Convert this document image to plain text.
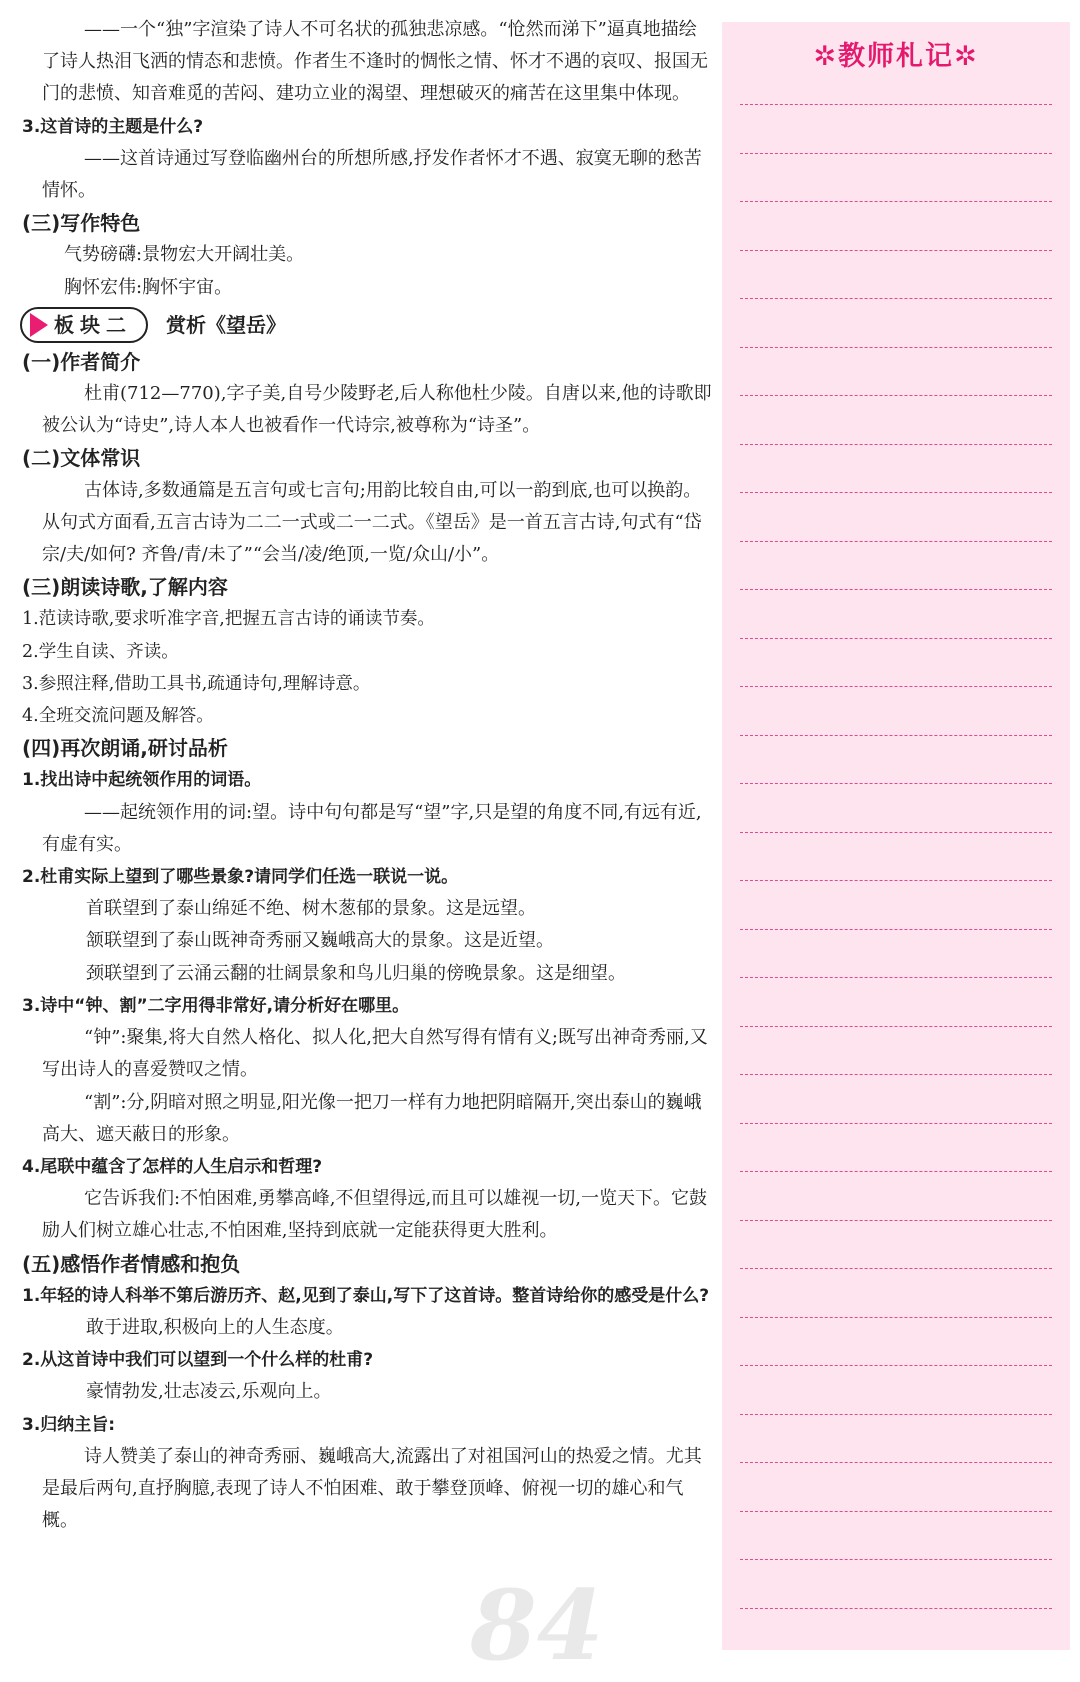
——一个“独”字渲染了诗人不可名状的孤独悲凉感。“怆然而涕下”逼真地描绘了诗人热泪飞洒的情态和悲愤。作者生不逢时的惆怅之情、怀才不遇的哀叹、报国无门的悲愤、知音难觅的苦闷、建功立业的渴望、理想破灭的痛苦在这里集中体现。

3.这首诗的主题是什么?

——这首诗通过写登临幽州台的所想所感,抒发作者怀才不遇、寂寞无聊的愁苦情怀。

(三)写作特色

气势磅礴:景物宏大开阔壮美。

胸怀宏伟:胸怀宇宙。

板块二	赏析《望岳》

(一)作者简介

杜甫(712—770),字子美,自号少陵野老,后人称他杜少陵。自唐以来,他的诗歌即被公认为“诗史”,诗人本人也被看作一代诗宗,被尊称为“诗圣”。

(二)文体常识

古体诗,多数通篇是五言句或七言句;用韵比较自由,可以一韵到底,也可以换韵。从句式方面看,五言古诗为二二一式或二一二式。《望岳》是一首五言古诗,句式有“岱宗/夫/如何? 齐鲁/青/未了”“会当/凌/绝顶,一览/众山/小”。

(三)朗读诗歌,了解内容

1.范读诗歌,要求听准字音,把握五言古诗的诵读节奏。

2.学生自读、齐读。

3.参照注释,借助工具书,疏通诗句,理解诗意。

4.全班交流问题及解答。

(四)再次朗诵,研讨品析

1.找出诗中起统领作用的词语。

——起统领作用的词:望。诗中句句都是写“望”字,只是望的角度不同,有远有近,有虚有实。

2.杜甫实际上望到了哪些景象?请同学们任选一联说一说。

首联望到了泰山绵延不绝、树木葱郁的景象。这是远望。

颔联望到了泰山既神奇秀丽又巍峨高大的景象。这是近望。

颈联望到了云涌云翻的壮阔景象和鸟儿归巢的傍晚景象。这是细望。

3.诗中“钟、割”二字用得非常好,请分析好在哪里。

“钟”:聚集,将大自然人格化、拟人化,把大自然写得有情有义;既写出神奇秀丽,又写出诗人的喜爱赞叹之情。

“割”:分,阴暗对照之明显,阳光像一把刀一样有力地把阴暗隔开,突出泰山的巍峨高大、遮天蔽日的形象。

4.尾联中蕴含了怎样的人生启示和哲理?

它告诉我们:不怕困难,勇攀高峰,不但望得远,而且可以雄视一切,一览天下。它鼓励人们树立雄心壮志,不怕困难,坚持到底就一定能获得更大胜利。

(五)感悟作者情感和抱负

1.年轻的诗人科举不第后游历齐、赵,见到了泰山,写下了这首诗。整首诗给你的感受是什么?

敢于进取,积极向上的人生态度。

2.从这首诗中我们可以望到一个什么样的杜甫?

豪情勃发,壮志凌云,乐观向上。

3.归纳主旨:

诗人赞美了泰山的神奇秀丽、巍峨高大,流露出了对祖国河山的热爱之情。尤其是最后两句,直抒胸臆,表现了诗人不怕困难、敢于攀登顶峰、俯视一切的雄心和气概。

✲教师札记✲
84
